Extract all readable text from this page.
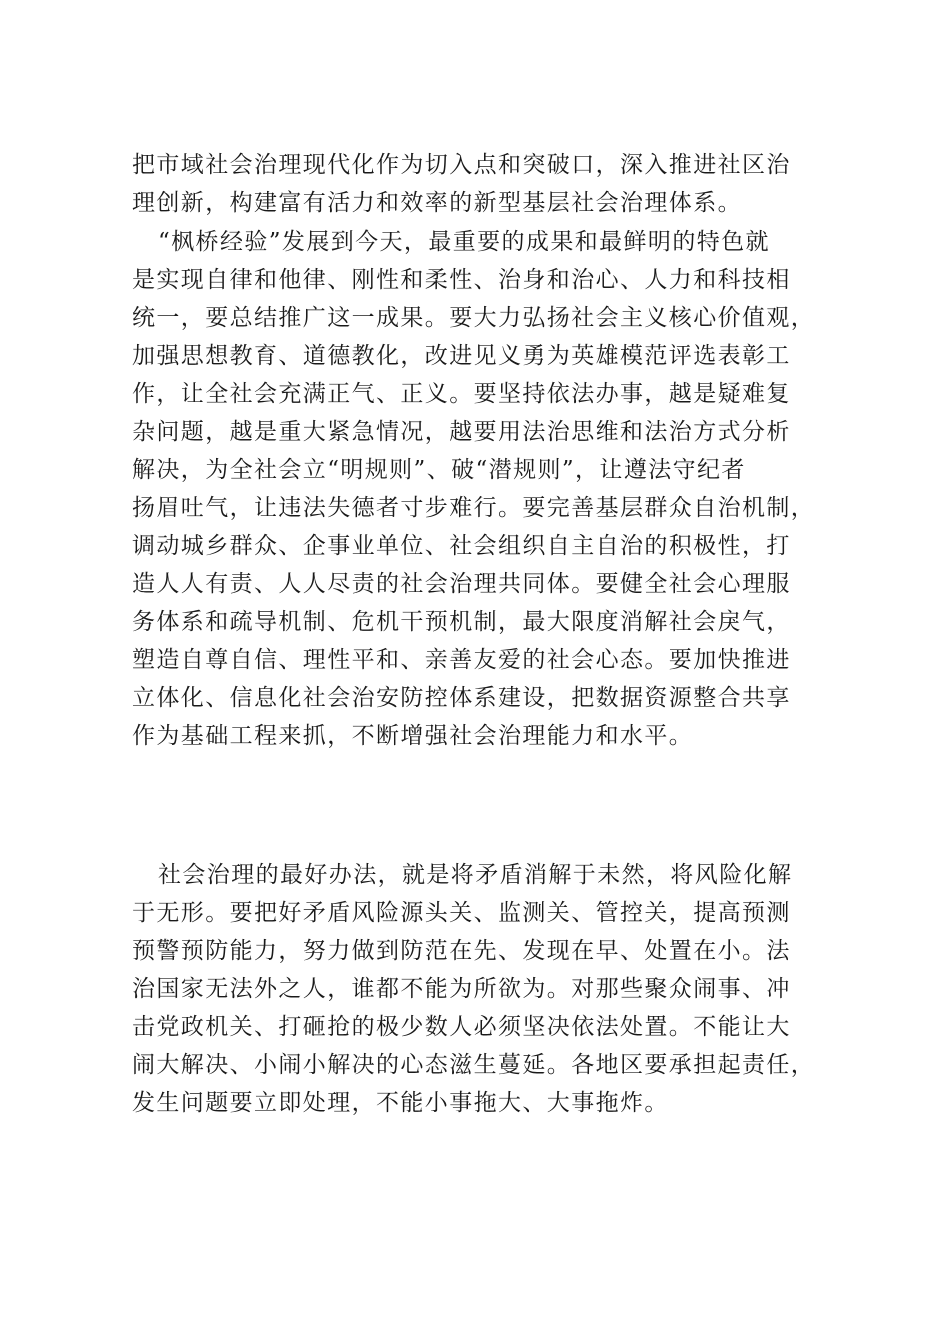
把市域社会治理现代化作为切入点和突破口，深入推进社区治
理创新，构建富有活力和效率的新型基层社会治理体系。
“枫桥经验”发展到今天，最重要的成果和最鲜明的特色就
是实现自律和他律、刚性和柔性、治身和治心、人力和科技相
统一，要总结推广这一成果。要大力弘扬社会主义核心价值观，
加强思想教育、道德教化，改进见义勇为英雄模范评选表彰工
作，让全社会充满正气、正义。要坚持依法办事，越是疑难复
杂问题，越是重大紧急情况，越要用法治思维和法治方式分析
解决，为全社会立“明规则”、破“潜规则”，让遵法守纪者
扬眉吐气，让违法失德者寸步难行。要完善基层群众自治机制，
调动城乡群众、企事业单位、社会组织自主自治的积极性，打
造人人有责、人人尽责的社会治理共同体。要健全社会心理服
务体系和疏导机制、危机干预机制，最大限度消解社会戾气，
塑造自尊自信、理性平和、亲善友爱的社会心态。要加快推进
立体化、信息化社会治安防控体系建设，把数据资源整合共享
作为基础工程来抓，不断增强社会治理能力和水平。
社会治理的最好办法，就是将矛盾消解于未然，将风险化解
于无形。要把好矛盾风险源头关、监测关、管控关，提高预测
预警预防能力，努力做到防范在先、发现在早、处置在小。法
治国家无法外之人，谁都不能为所欲为。对那些聚众闹事、冲
击党政机关、打砸抢的极少数人必须坚决依法处置。不能让大
闹大解决、小闹小解决的心态滋生蔓延。各地区要承担起责任，
发生问题要立即处理，不能小事拖大、大事拖炸。
